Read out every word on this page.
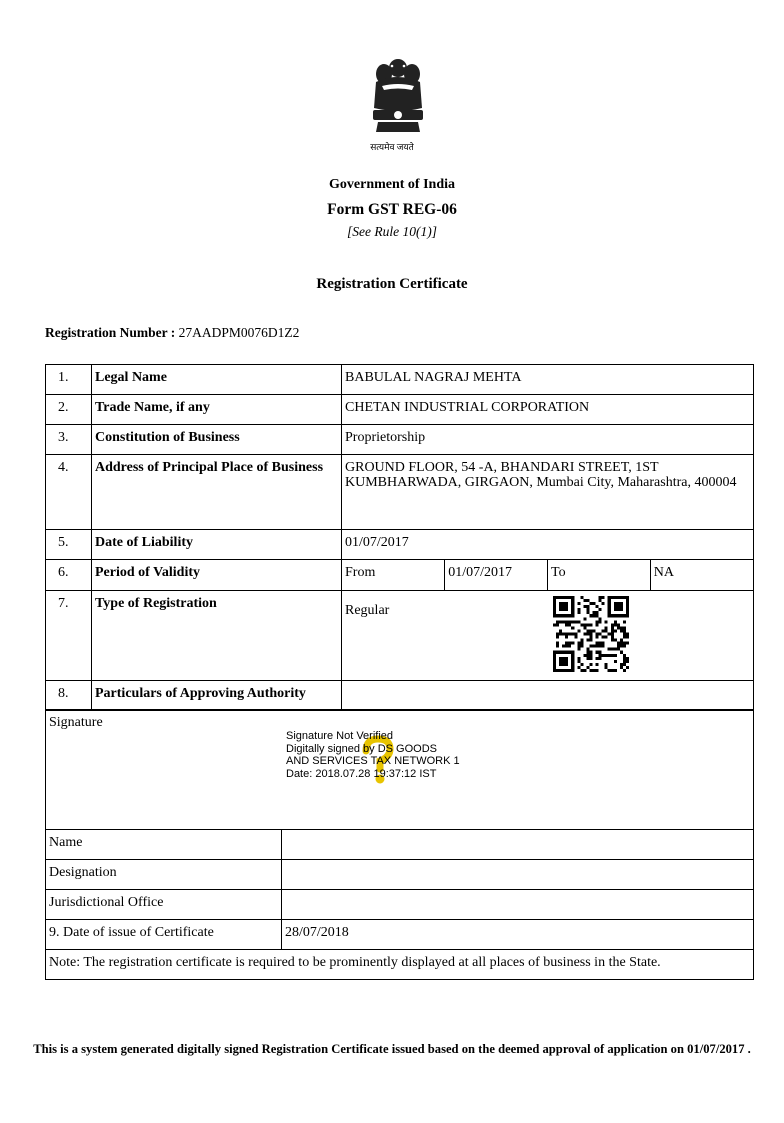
सत्यमेव जयते
Government of India
Form GST REG-06
[See Rule 10(1)]
Registration Certificate
Registration Number : 27AADPM0076D1Z2
1.	Legal Name	BABULAL NAGRAJ MEHTA
2.	Trade Name, if any	CHETAN INDUSTRIAL CORPORATION
3.	Constitution of Business	Proprietorship
4.	Address of Principal Place of Business	GROUND FLOOR, 54 -A, BHANDARI STREET, 1ST KUMBHARWADA, GIRGAON, Mumbai City, Maharashtra, 400004
5.	Date of Liability	01/07/2017
6.	Period of Validity		From	01/07/2017	To	NA

7.	Type of Registration	Regular
8.	Particulars of Approving Authority	
Signature	
Name	
Designation	
Jurisdictional Office	
9. Date of issue of Certificate	28/07/2018
Note: The registration certificate is required to be prominently displayed at all places of business in the State.	
Signature Not Verified
Digitally signed by DS GOODS
AND SERVICES TAX NETWORK 1
Date: 2018.07.28 19:37:12 IST
This is a system generated digitally signed Registration Certificate issued based on the deemed approval of application on 01/07/2017 .
